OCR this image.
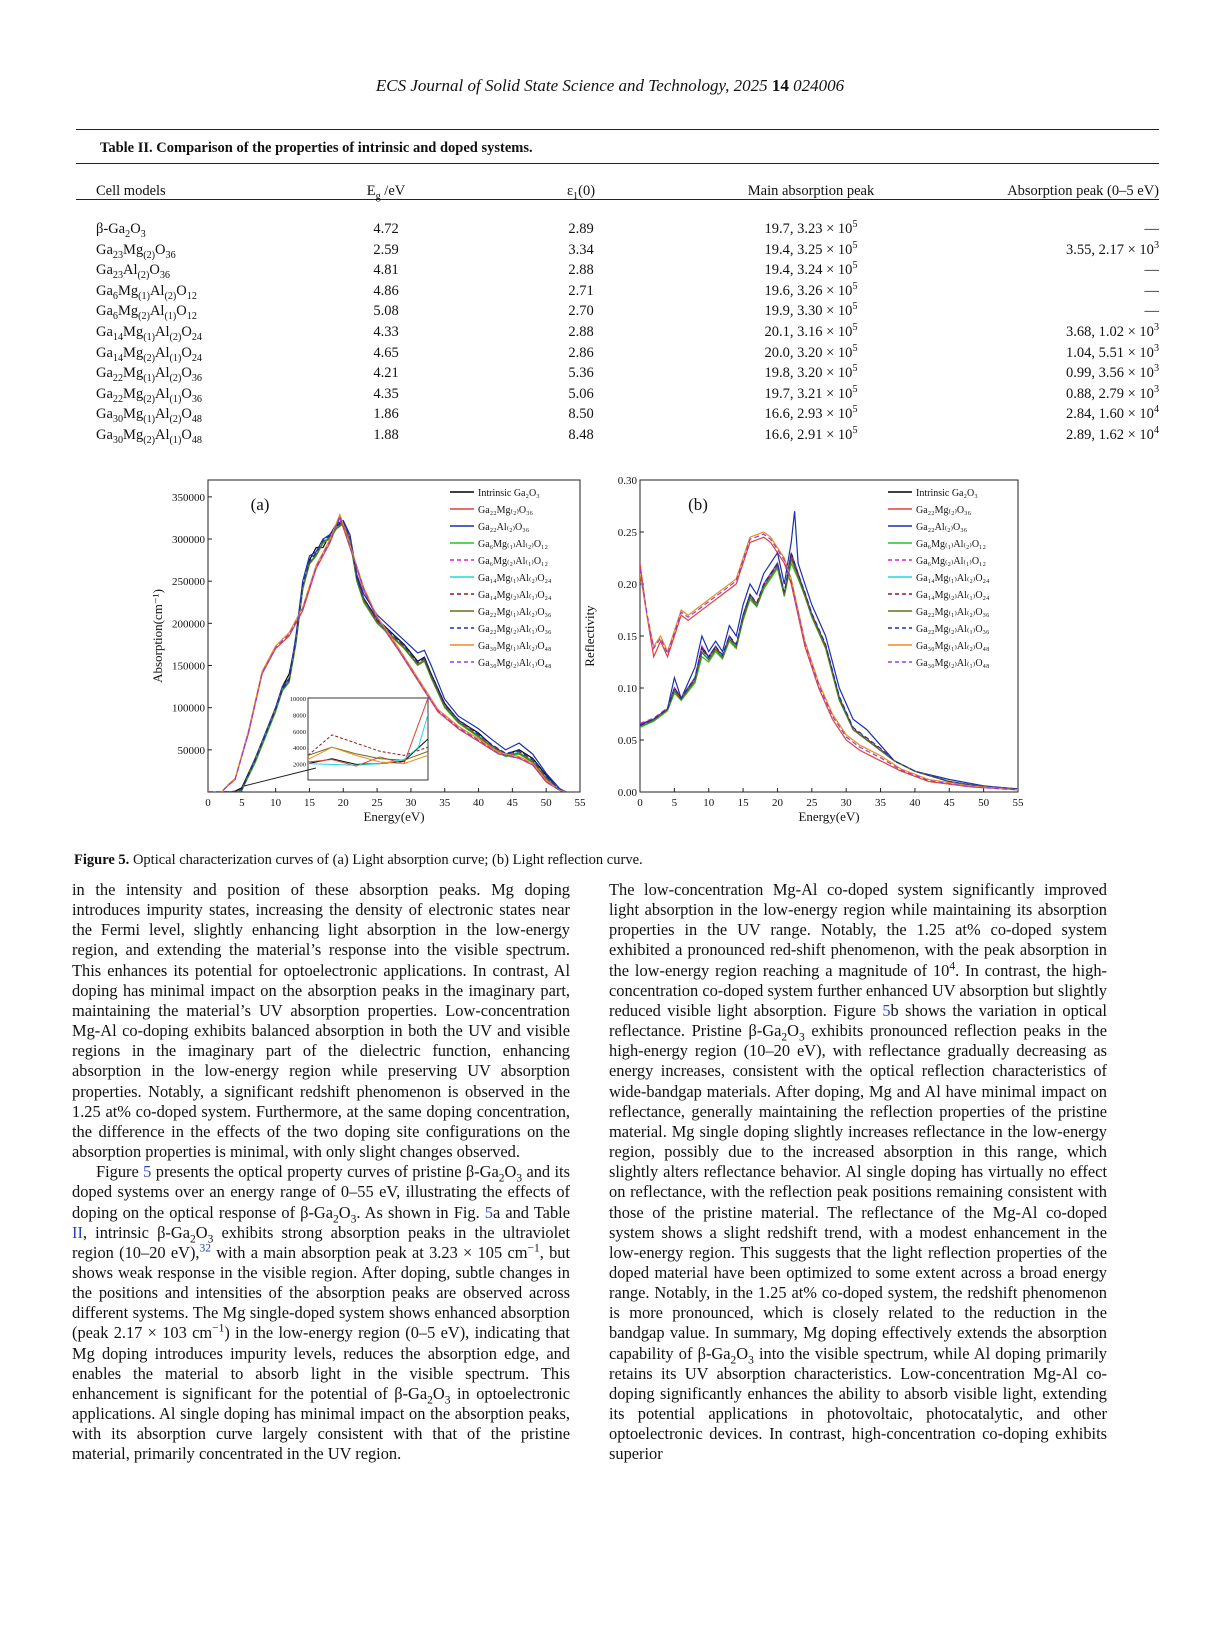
ECS Journal of Solid State Science and Technology, 2025 14 024006
Table II. Comparison of the properties of intrinsic and doped systems.
Cell models	$E_g$ /eV	$\varepsilon_1(0)$	Main absorption peak	Absorption peak (0–5 eV)
$\beta-Ga_2O_3$	4.72	2.89	19.7, $3.23 \times 10^5$	—
$Ga_{23}Mg_{(2)}O_{36}$	2.59	3.34	19.4, $3.25 \times 10^5$	3.55, $2.17 \times 10^3$
$Ga_{23}Al_{(2)}O_{36}$	4.81	2.88	19.4, $3.24 \times 10^5$	—
$Ga_6Mg_{(1)}Al_{(2)}O_{12}$	4.86	2.71	19.6, $3.26 \times 10^5$	—
$Ga_6Mg_{(2)}Al_{(1)}O_{12}$	5.08	2.70	19.9, $3.30 \times 10^5$	—
$Ga_{14}Mg_{(1)}Al_{(2)}O_{24}$	4.33	2.88	20.1, $3.16 \times 10^5$	3.68, $1.02 \times 10^3$
$Ga_{14}Mg_{(2)}Al_{(1)}O_{24}$	4.65	2.86	20.0, $3.20 \times 10^5$	1.04, $5.51 \times 10^3$
$Ga_{22}Mg_{(1)}Al_{(2)}O_{36}$	4.21	5.36	19.8, $3.20 \times 10^5$	0.99, $3.56 \times 10^3$
$Ga_{22}Mg_{(2)}Al_{(1)}O_{36}$	4.35	5.06	19.7, $3.21 \times 10^5$	0.88, $2.79 \times 10^3$
$Ga_{30}Mg_{(1)}Al_{(2)}O_{48}$	1.86	8.50	16.6, $2.93 \times 10^5$	2.84, $1.60 \times 10^4$
$Ga_{30}Mg_{(2)}Al_{(1)}O_{48}$	1.88	8.48	16.6, $2.91 \times 10^5$	2.89, $1.62 \times 10^4$
0	5 10 15 20 25 30 35 40 45 50 55
50000
100000
150000
200000
250000
300000
350000
Energy(eV)
Absorption(cm⁻¹)
(a)
Intrinsic Ga₂O₃
Ga₂₂Mg₍₂₎O₃₆
Ga₂₂Al₍₂₎O₃₆
Ga₆Mg₍₁₎Al₍₂₎O₁₂
Ga₆Mg₍₂₎Al₍₁₎O₁₂
Ga₁₄Mg₍₁₎Al₍₂₎O₂₄
Ga₁₄Mg₍₂₎Al₍₁₎O₂₄
Ga₂₂Mg₍₁₎Al₍₂₎O₃₆
Ga₂₂Mg₍₂₎Al₍₁₎O₃₆
Ga₃₀Mg₍₁₎Al₍₂₎O₄₈
Ga₃₀Mg₍₂₎Al₍₁₎O₄₈
2000
4000
6000
8000
10000
0	5 10 15 20 25 30 35 40 45 50 55
0.00
0.05
0.10
0.15
0.20
0.25
0.30
Energy(eV)
Reflectivity
(b)
Intrinsic Ga₂O₃
Ga₂₂Mg₍₂₎O₃₆
Ga₂₂Al₍₂₎O₃₆
Ga₆Mg₍₁₎Al₍₂₎O₁₂
Ga₆Mg₍₂₎Al₍₁₎O₁₂
Ga₁₄Mg₍₁₎Al₍₂₎O₂₄
Ga₁₄Mg₍₂₎Al₍₁₎O₂₄
Ga₂₂Mg₍₁₎Al₍₂₎O₃₆
Ga₂₂Mg₍₂₎Al₍₁₎O₃₆
Ga₃₀Mg₍₁₎Al₍₂₎O₄₈
Ga₃₀Mg₍₂₎Al₍₁₎O₄₈
Figure 5. Optical characterization curves of (a) Light absorption curve; (b) Light reflection curve.

in the intensity and position of these absorption peaks. Mg doping introduces impurity states, increasing the density of electronic states near the Fermi level, slightly enhancing light absorption in the low-energy region, and extending the material’s response into the visible spectrum. This enhances its potential for optoelectronic applications. In contrast, Al doping has minimal impact on the absorption peaks in the imaginary part, maintaining the material’s UV absorption properties. Low-concentration Mg-Al co-doping exhibits balanced absorption in both the UV and visible regions in the imaginary part of the dielectric function, enhancing absorption in the low-energy region while preserving UV absorption properties. Notably, a significant redshift phenomenon is observed in the 1.25 at% co-doped system. Furthermore, at the same doping concentration, the difference in the effects of the two doping site configurations on the absorption properties is minimal, with only slight changes observed.

Figure 5 presents the optical property curves of pristine $\beta-Ga_2O_3$ and its doped systems over an energy range of 0–55 eV, illustrating the effects of doping on the optical response of $\beta-Ga_2O_3$. As shown in Fig. 5a and Table II, intrinsic $\beta-Ga_2O_3$ exhibits strong absorption peaks in the ultraviolet region (10–20 eV),$^{32}$ with a main absorption peak at 3.23 × 105 $cm^{-1}$, but shows weak response in the visible region. After doping, subtle changes in the positions and intensities of the absorption peaks are observed across different systems. The Mg single-doped system shows enhanced absorption (peak 2.17 × 103 $cm^{-1}$) in the low-energy region (0–5 eV), indicating that Mg doping introduces impurity levels, reduces the absorption edge, and enables the material to absorb light in the visible spectrum. This enhancement is significant for the potential of $\beta-Ga_2O_3$ in optoelectronic applications. Al single doping has minimal impact on the absorption peaks, with its absorption curve largely consistent with that of the pristine material, primarily concentrated in the UV region.

The low-concentration Mg-Al co-doped system significantly improved light absorption in the low-energy region while maintaining its absorption properties in the UV range. Notably, the 1.25 at% co-doped system exhibited a pronounced red-shift phenomenon, with the peak absorption in the low-energy region reaching a magnitude of $10^4$. In contrast, the high-concentration co-doped system further enhanced UV absorption but slightly reduced visible light absorption. Figure 5b shows the variation in optical reflectance. Pristine $\beta-Ga_2O_3$ exhibits pronounced reflection peaks in the high-energy region (10–20 eV), with reflectance gradually decreasing as energy increases, consistent with the optical reflection characteristics of wide-bandgap materials. After doping, Mg and Al have minimal impact on reflectance, generally maintaining the reflection properties of the pristine material. Mg single doping slightly increases reflectance in the low-energy region, possibly due to the increased absorption in this range, which slightly alters reflectance behavior. Al single doping has virtually no effect on reflectance, with the reflection peak positions remaining consistent with those of the pristine material. The reflectance of the Mg-Al co-doped system shows a slight redshift trend, with a modest enhancement in the low-energy region. This suggests that the light reflection properties of the doped material have been optimized to some extent across a broad energy range. Notably, in the 1.25 at% co-doped system, the redshift phenomenon is more pronounced, which is closely related to the reduction in the bandgap value. In summary, Mg doping effectively extends the absorption capability of $\beta-Ga_2O_3$ into the visible spectrum, while Al doping primarily retains its UV absorption characteristics. Low-concentration Mg-Al co-doping significantly enhances the ability to absorb visible light, extending its potential applications in photovoltaic, photocatalytic, and other optoelectronic devices. In contrast, high-concentration co-doping exhibits superior
